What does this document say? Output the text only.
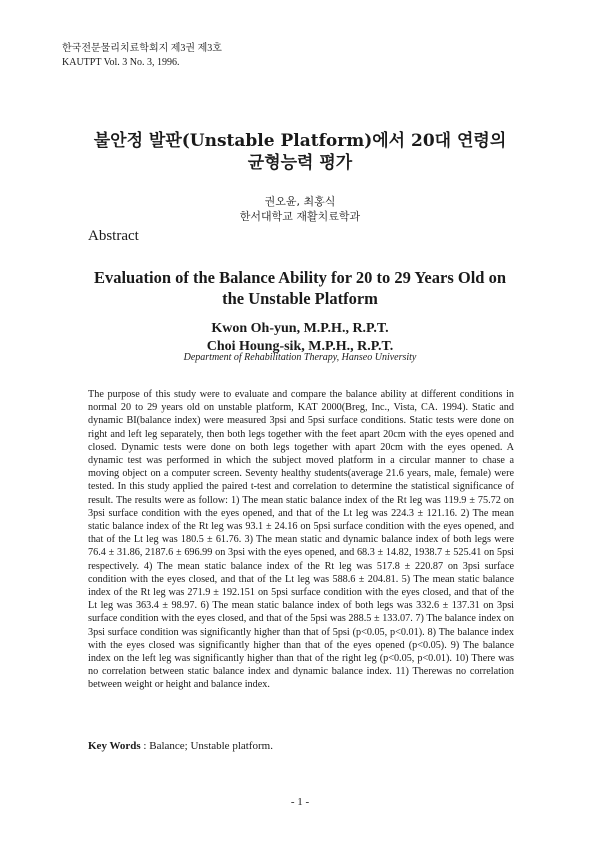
한국전문물리치료학회지 제3권 제3호
KAUTPT Vol. 3 No. 3, 1996.
불안정 발판(Unstable Platform)에서 20대 연령의
균형능력 평가
권오윤, 최홍식
한서대학교 재활치료학과
Abstract
Evaluation of the Balance Ability for 20 to 29 Years Old on
the Unstable Platform
Kwon Oh-yun, M.P.H., R.P.T.
Choi Houng-sik, M.P.H., R.P.T.
Department of Rehabilitation Therapy, Hanseo University
The purpose of this study were to evaluate and compare the balance ability at different conditions in normal 20 to 29 years old on unstable platform, KAT 2000(Breg, Inc., Vista, CA. 1994). Static and dynamic BI(balance index) were measured 3psi and 5psi surface conditions. Static tests were done on right and left leg separately, then both legs together with the feet apart 20cm with the eyes opened and closed. Dynamic tests were done on both legs together with apart 20cm with the eyes opened. A dynamic test was performed in which the subject moved platform in a circular manner to chase a moving object on a computer screen. Seventy healthy students(average 21.6 years, male, female) were tested. In this study applied the paired t-test and correlation to determine the statistical significance of result. The results were as follow: 1) The mean static balance index of the Rt leg was 119.9 ± 75.72 on 3psi surface condition with the eyes opened, and that of the Lt leg was 224.3 ± 121.16. 2) The mean static balance index of the Rt leg was 93.1 ± 24.16 on 5psi surface condition with the eyes opened, and that of the Lt leg was 180.5 ± 61.76. 3) The mean static and dynamic balance index of both legs were 76.4 ± 31.86, 2187.6 ± 696.99 on 3psi with the eyes opened, and 68.3 ± 14.82, 1938.7 ± 525.41 on 5psi respectively. 4) The mean static balance index of the Rt leg was 517.8 ± 220.87 on 3psi surface condition with the eyes closed, and that of the Lt leg was 588.6 ± 204.81. 5) The mean static balance index of the Rt leg was 271.9 ± 192.151 on 5psi surface condition with the eyes closed, and that of the Lt leg was 363.4 ± 98.97. 6) The mean static balance index of both legs was 332.6 ± 137.31 on 3psi surface condition with the eyes closed, and that of the 5psi was 288.5 ± 133.07. 7) The balance index on 3psi surface condition was significantly higher than that of 5psi (p<0.05, p<0.01). 8) The balance index with the eyes closed was significantly higher than that of the eyes opened (p<0.05). 9) The balance index on the left leg was significantly higher than that of the right leg (p<0.05, p<0.01). 10) There was no correlation between static balance index and dynamic balance index. 11) Therewas no correlation between weight or height and balance index.
Key Words : Balance; Unstable platform.
- 1 -
